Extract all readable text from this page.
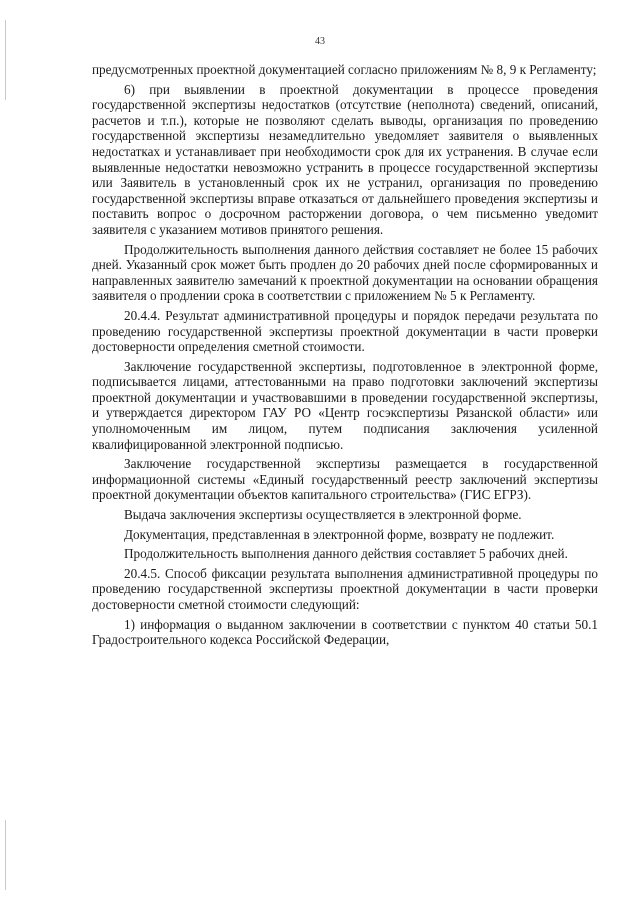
43

предусмотренных проектной документацией согласно приложениям № 8, 9 к Регламенту;

6) при выявлении в проектной документации в процессе проведения государственной экспертизы недостатков (отсутствие (неполнота) сведений, описаний, расчетов и т.п.), которые не позволяют сделать выводы, организация по проведению государственной экспертизы незамедлительно уведомляет заявителя о выявленных недостатках и устанавливает при необходимости срок для их устранения. В случае если выявленные недостатки невозможно устранить в процессе государственной экспертизы или Заявитель в установленный срок их не устранил, организация по проведению государственной экспертизы вправе отказаться от дальнейшего проведения экспертизы и поставить вопрос о досрочном расторжении договора, о чем письменно уведомит заявителя с указанием мотивов принятого решения.

Продолжительность выполнения данного действия составляет не более 15 рабочих дней. Указанный срок может быть продлен до 20 рабочих дней после сформированных и направленных заявителю замечаний к проектной документации на основании обращения заявителя о продлении срока в соответствии с приложением № 5 к Регламенту.

20.4.4. Результат административной процедуры и порядок передачи результата по проведению государственной экспертизы проектной документации в части проверки достоверности определения сметной стоимости.

Заключение государственной экспертизы, подготовленное в электронной форме, подписывается лицами, аттестованными на право подготовки заключений экспертизы проектной документации и участвовавшими в проведении государственной экспертизы, и утверждается директором ГАУ РО «Центр госэкспертизы Рязанской области» или уполномоченным им лицом, путем подписания заключения усиленной квалифицированной электронной подписью.

Заключение государственной экспертизы размещается в государственной информационной системы «Единый государственный реестр заключений экспертизы проектной документации объектов капитального строительства» (ГИС ЕГРЗ).

Выдача заключения экспертизы осуществляется в электронной форме.

Документация, представленная в электронной форме, возврату не подлежит.

Продолжительность выполнения данного действия составляет 5 рабочих дней.

20.4.5. Способ фиксации результата выполнения административной процедуры по проведению государственной экспертизы проектной документации в части проверки достоверности сметной стоимости следующий:

1) информация о выданном заключении в соответствии с пунктом 40 статьи 50.1 Градостроительного кодекса Российской Федерации,
